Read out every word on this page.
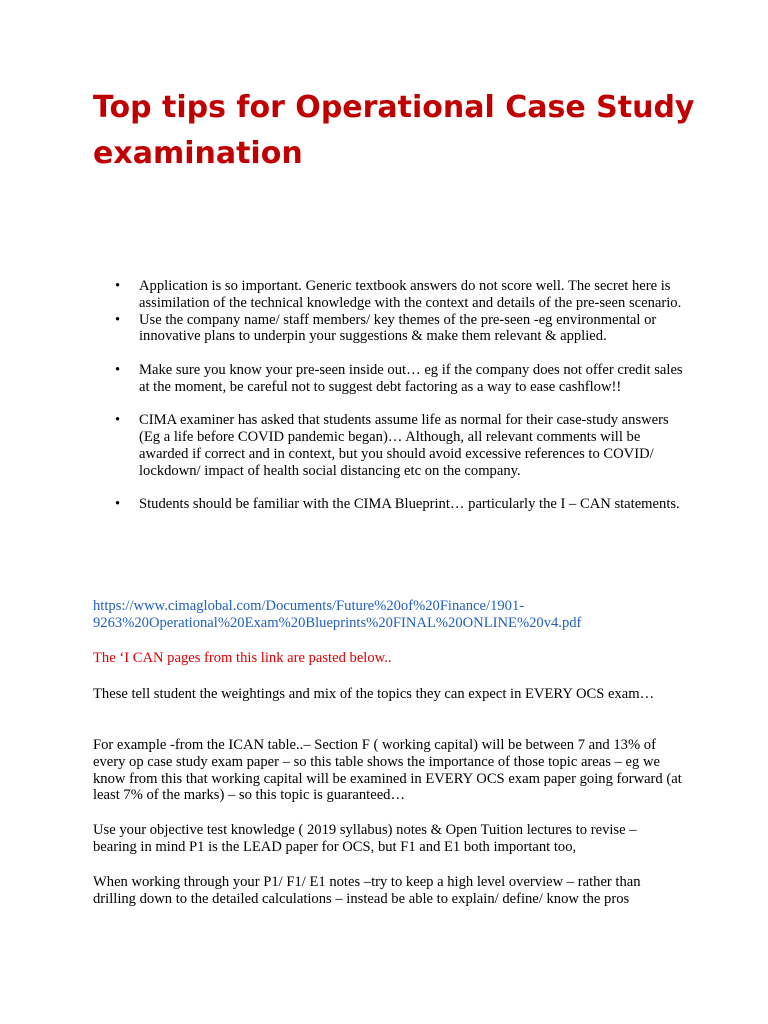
Top tips for Operational Case Study examination
• Application is so important. Generic textbook answers do not score well. The secret here is assimilation of the technical knowledge with the context and details of the pre-seen scenario.
• Use the company name/ staff members/ key themes of the pre-seen -eg environmental or innovative plans to underpin your suggestions & make them relevant & applied.
• Make sure you know your pre-seen inside out… eg if the company does not offer credit sales at the moment, be careful not to suggest debt factoring as a way to ease cashflow!!
• CIMA examiner has asked that students assume life as normal for their case-study answers (Eg a life before COVID pandemic began)… Although, all relevant comments will be awarded if correct and in context, but you should avoid excessive references to COVID/ lockdown/ impact of health social distancing etc on the company.
• Students should be familiar with the CIMA Blueprint… particularly the I – CAN statements.

https://www.cimaglobal.com/Documents/Future%20of%20Finance/1901-
9263%20Operational%20Exam%20Blueprints%20FINAL%20ONLINE%20v4.pdf

The ‘I CAN pages from this link are pasted below..

These tell student the weightings and mix of the topics they can expect in EVERY OCS exam…

For example -from the ICAN table..– Section F ( working capital) will be between 7 and 13% of every op case study exam paper – so this table shows the importance of those topic areas – eg we know from this that working capital will be examined in EVERY OCS exam paper going forward (at least 7% of the marks) – so this topic is guaranteed…

Use your objective test knowledge ( 2019 syllabus) notes & Open Tuition lectures to revise – bearing in mind P1 is the LEAD paper for OCS, but F1 and E1 both important too,

When working through your P1/ F1/ E1 notes –try to keep a high level overview – rather than drilling down to the detailed calculations – instead be able to explain/ define/ know the pros
